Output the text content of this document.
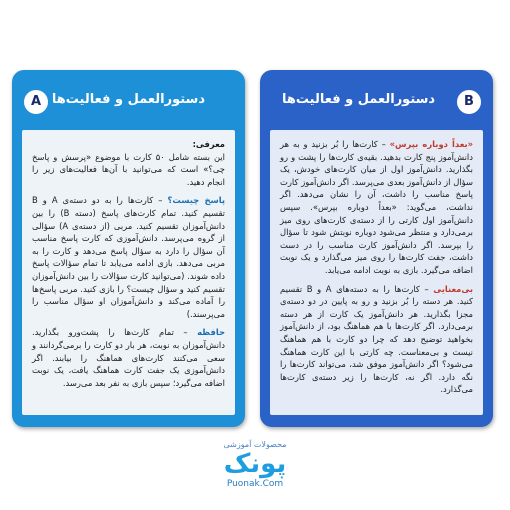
دستورالعمل و فعالیت‌ها
A

معرفی:
این بسته شامل ۵۰ کارت با موضوع «پرسش و پاسخ چی؟» است که می‌توانید با آن‌ها فعالیت‌های زیر را انجام دهید.

پاسخ چیست؟ – کارت‌ها را به دو دسته‌ی A و B تقسیم کنید. تمام کارت‌های پاسخ (دسته B) را بین دانش‌آموزان تقسیم کنید. مربی (از دسته‌ی A) سؤالی از گروه می‌پرسد. دانش‌آموزی که کارت پاسخ مناسب آن سؤال را دارد به سؤال پاسخ می‌دهد و کارت را به مربی می‌دهد. بازی ادامه می‌یابد تا تمام سؤالات پاسخ داده شوند. (می‌توانید کارت سؤالات را بین دانش‌آموزان تقسیم کنید و سؤال چیست؟ را بازی کنید. مربی پاسخ‌ها را آماده می‌کند و دانش‌آموزان او سؤال مناسب را می‌پرسند.)

حافظه – تمام کارت‌ها را پشت‌ورو بگذارید. دانش‌آموزان به نوبت، هر بار دو کارت را برمی‌گردانند و سعی می‌کنند کارت‌های هماهنگ را بیابند. اگر دانش‌آموزی یک جفت کارت هماهنگ یافت، یک نوبت اضافه می‌گیرد؛ سپس بازی به نفر بعد می‌رسد.

دستورالعمل و فعالیت‌ها	B

«بعداً دوباره بپرس» – کارت‌ها را بُر بزنید و به هر دانش‌آموز پنج کارت بدهید. بقیه‌ی کارت‌ها را پشت و رو بگذارید. دانش‌آموز اول از میان کارت‌های خودش، یک سؤال از دانش‌آموز بعدی می‌پرسد. اگر دانش‌آموز کارت پاسخ مناسب را داشت، آن را نشان می‌دهد. اگر نداشت، می‌گوید: «بعداً دوباره بپرس». سپس دانش‌آموز اول کارتی را از دسته‌ی کارت‌های روی میز برمی‌دارد و منتظر می‌شود دوباره نوبتش شود تا سؤال را بپرسد. اگر دانش‌آموز کارت مناسب را در دست داشت، جفت کارت‌ها را روی میز می‌گذارد و یک نوبت اضافه می‌گیرد. بازی به نوبت ادامه می‌یابد.

بی‌معنایی – کارت‌ها را به دسته‌های A و B تقسیم کنید. هر دسته را بُر بزنید و رو به پایین در دو دسته‌ی مجزا بگذارید. هر دانش‌آموز یک کارت از هر دسته برمی‌دارد. اگر کارت‌ها با هم هماهنگ بود، از دانش‌آموز بخواهید توضیح دهد که چرا دو کارت با هم هماهنگ نیست و بی‌معناست. چه کارتی با این کارت هماهنگ می‌شود؟ اگر دانش‌آموز موفق شد، می‌تواند کارت‌ها را نگه دارد. اگر نه، کارت‌ها را زیر دسته‌ی کارت‌ها می‌گذارد.

محصولات آموزشی
پونک
Puonak.Com
